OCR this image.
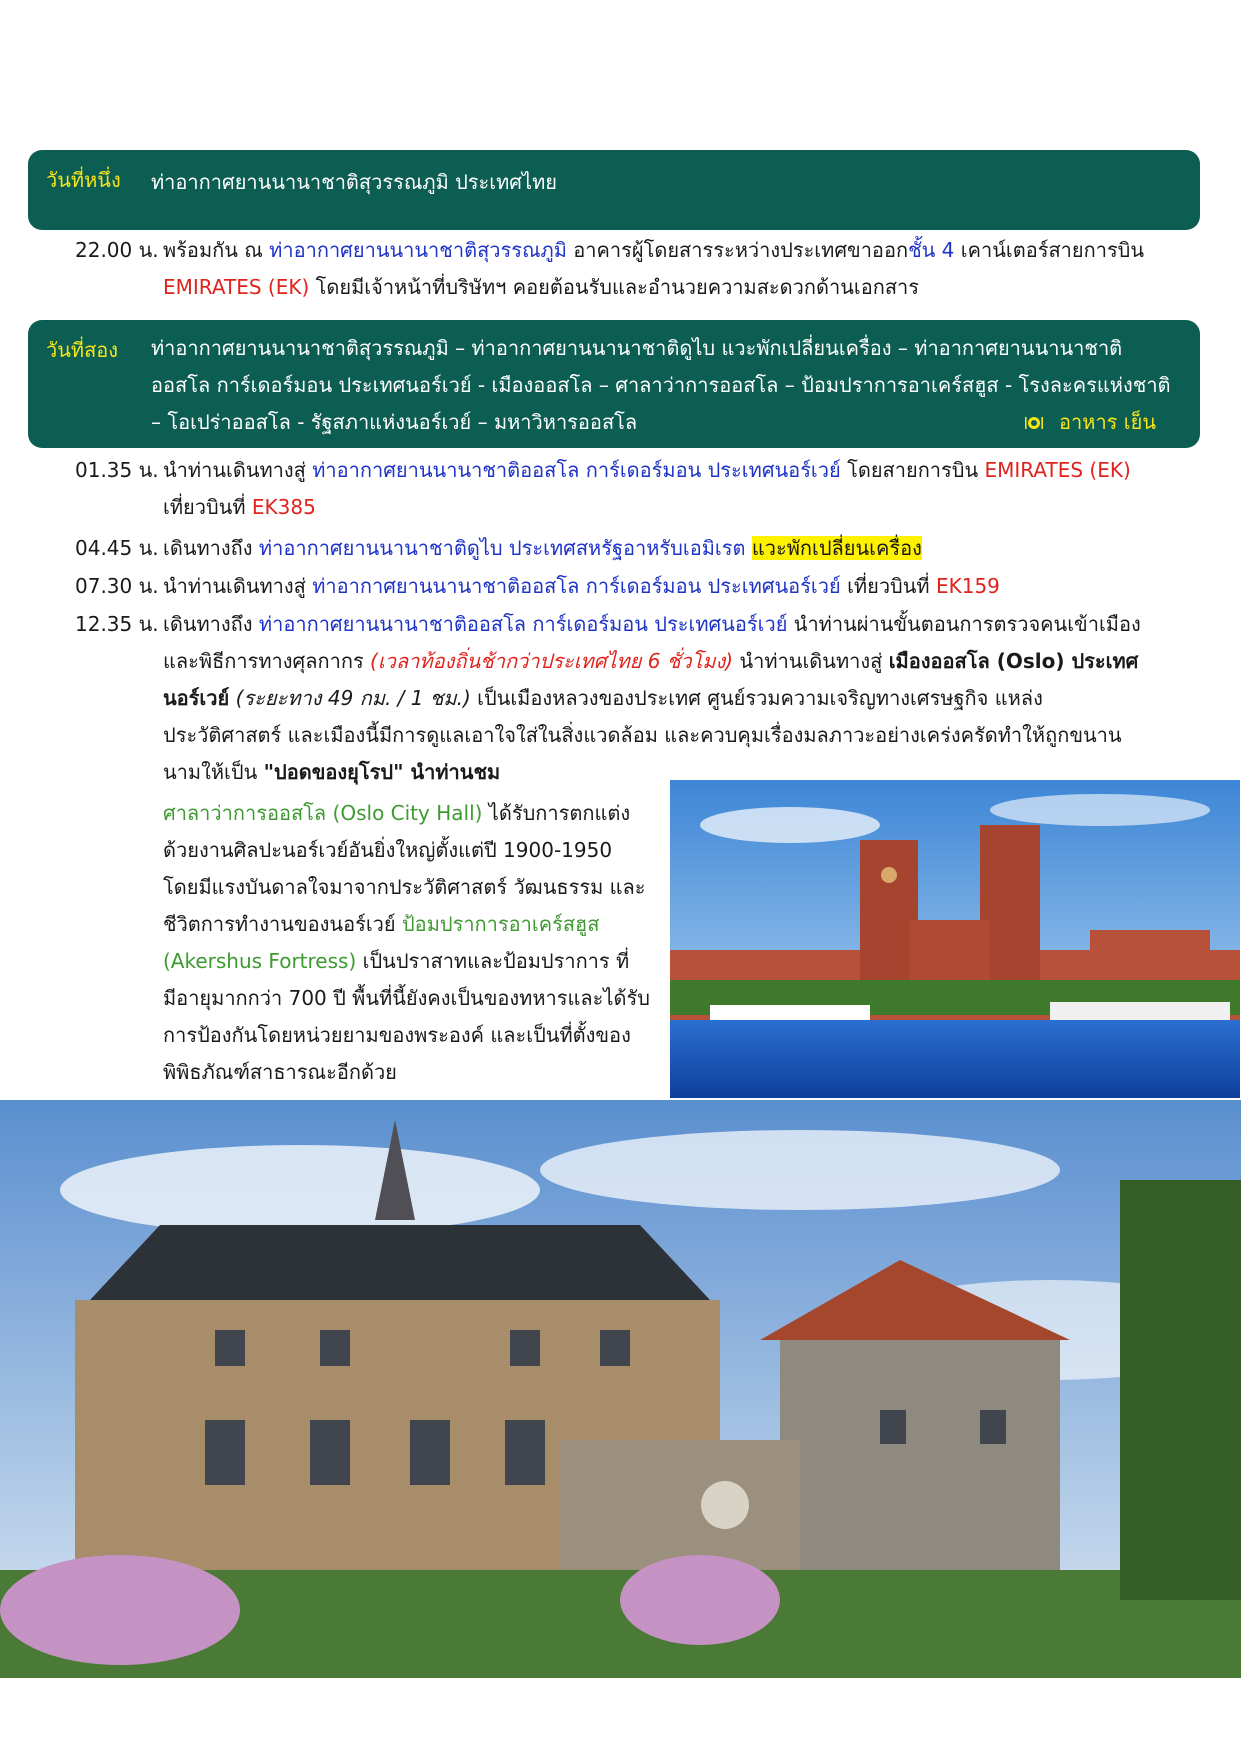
วันที่หนึ่ง ท่าอากาศยานนานาชาติสุวรรณภูมิ ประเทศไทย
22.00 น. พร้อมกัน ณ ท่าอากาศยานนานาชาติสุวรรณภูมิ อาคารผู้โดยสารระหว่างประเทศขาออกชั้น 4 เคาน์เตอร์สายการบิน EMIRATES (EK) โดยมีเจ้าหน้าที่บริษัทฯ คอยต้อนรับและอำนวยความสะดวกด้านเอกสาร
วันที่สอง ท่าอากาศยานนานาชาติสุวรรณภูมิ – ท่าอากาศยานนานาชาติดูไบ แวะพักเปลี่ยนเครื่อง – ท่าอากาศยานนานาชาติออสโล การ์เดอร์มอน ประเทศนอร์เวย์ - เมืองออสโล – ศาลาว่าการออสโล – ป้อมปราการอาเคร์สฮูส - โรงละครแห่งชาติ – โอเปร่าออสโล - รัฐสภาแห่งนอร์เวย์ – มหาวิหารออสโล	อาหาร เย็น
01.35 น. นำท่านเดินทางสู่ ท่าอากาศยานนานาชาติออสโล การ์เดอร์มอน ประเทศนอร์เวย์ โดยสายการบิน EMIRATES (EK) เที่ยวบินที่ EK385
04.45 น. เดินทางถึง ท่าอากาศยานนานาชาติดูไบ ประเทศสหรัฐอาหรับเอมิเรต แวะพักเปลี่ยนเครื่อง
07.30 น. นำท่านเดินทางสู่ ท่าอากาศยานนานาชาติออสโล การ์เดอร์มอน ประเทศนอร์เวย์ เที่ยวบินที่ EK159
12.35 น. เดินทางถึง ท่าอากาศยานนานาชาติออสโล การ์เดอร์มอน ประเทศนอร์เวย์ นำท่านผ่านขั้นตอนการตรวจคนเข้าเมืองและพิธีการทางศุลกากร (เวลาท้องถิ่นช้ากว่าประเทศไทย 6 ชั่วโมง) นำท่านเดินทางสู่ เมืองออสโล (Oslo) ประเทศนอร์เวย์ (ระยะทาง 49 กม. / 1 ชม.) เป็นเมืองหลวงของประเทศ ศูนย์รวมความเจริญทางเศรษฐกิจ แหล่งประวัติศาสตร์ และเมืองนี้มีการดูแลเอาใจใส่ในสิ่งแวดล้อม และควบคุมเรื่องมลภาวะอย่างเคร่งครัดทำให้ถูกขนานนามให้เป็น "ปอดของยุโรป" นำท่านชม
ศาลาว่าการออสโล (Oslo City Hall) ได้รับการตกแต่งด้วยงานศิลปะนอร์เวย์อันยิ่งใหญ่ตั้งแต่ปี 1900-1950 โดยมีแรงบันดาลใจมาจากประวัติศาสตร์ วัฒนธรรม และชีวิตการทำงานของนอร์เวย์ ป้อมปราการอาเคร์สฮูส (Akershus Fortress) เป็นปราสาทและป้อมปราการ ที่มีอายุมากกว่า 700 ปี พื้นที่นี้ยังคงเป็นของทหารและได้รับการป้องกันโดยหน่วยยามของพระองค์ และเป็นที่ตั้งของพิพิธภัณฑ์สาธารณะอีกด้วย
